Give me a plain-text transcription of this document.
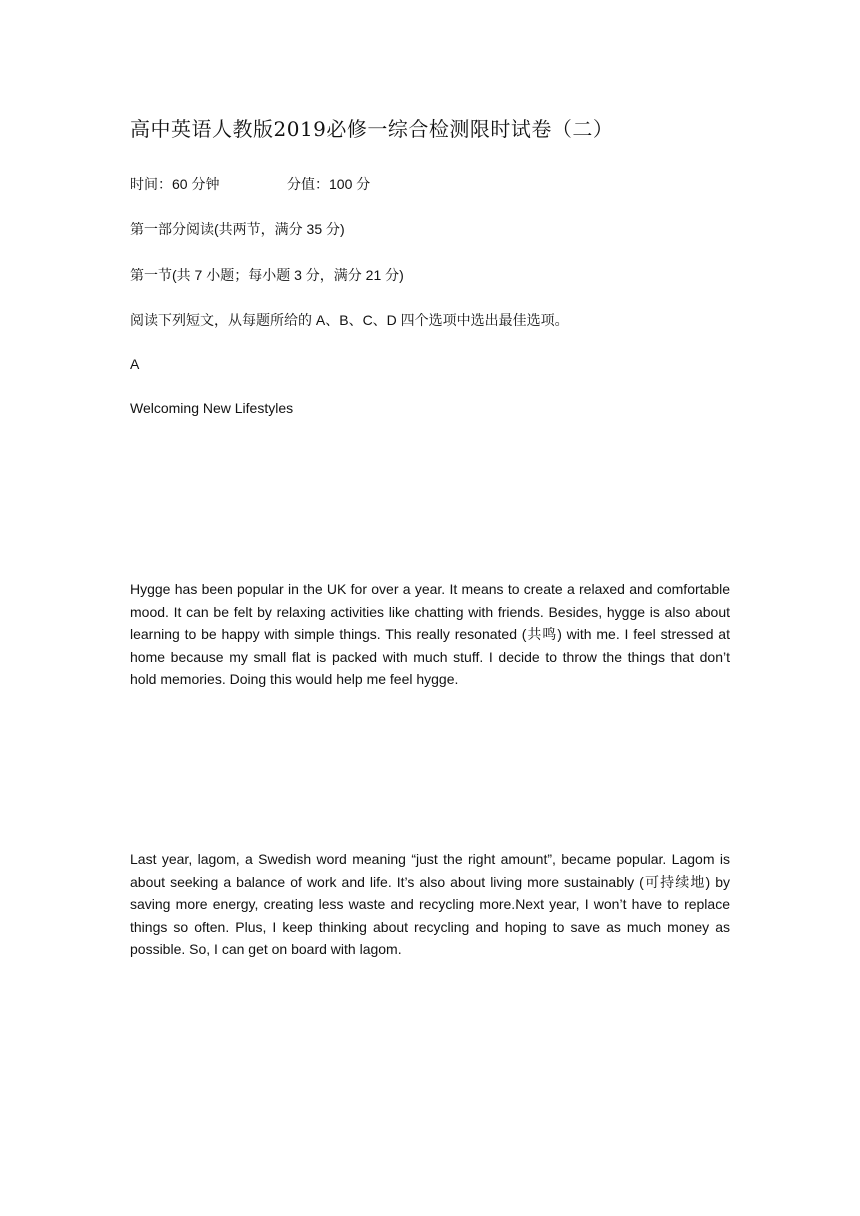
高中英语人教版2019必修一综合检测限时试卷（二）
时间：60 分钟	分值：100 分
第一部分阅读(共两节，满分 35 分)
第一节(共 7 小题；每小题 3 分，满分 21 分)
阅读下列短文，从每题所给的 A、B、C、D 四个选项中选出最佳选项。
A
Welcoming New Lifestyles
Hygge has been popular in the UK for over a year. It means to create a relaxed and comfortable mood. It can be felt by relaxing activities like chatting with friends. Besides, hygge is also about learning to be happy with simple things. This really resonated (共鸣) with me. I feel stressed at home because my small flat is packed with much stuff. I decide to throw the things that don’t hold memories. Doing this would help me feel hygge.
Last year, lagom, a Swedish word meaning “just the right amount”, became popular. Lagom is about seeking a balance of work and life. It’s also about living more sustainably (可持续地) by saving more energy, creating less waste and recycling more.Next year, I won’t have to replace things so often. Plus, I keep thinking about recycling and hoping to save as much money as possible. So, I can get on board with lagom.
